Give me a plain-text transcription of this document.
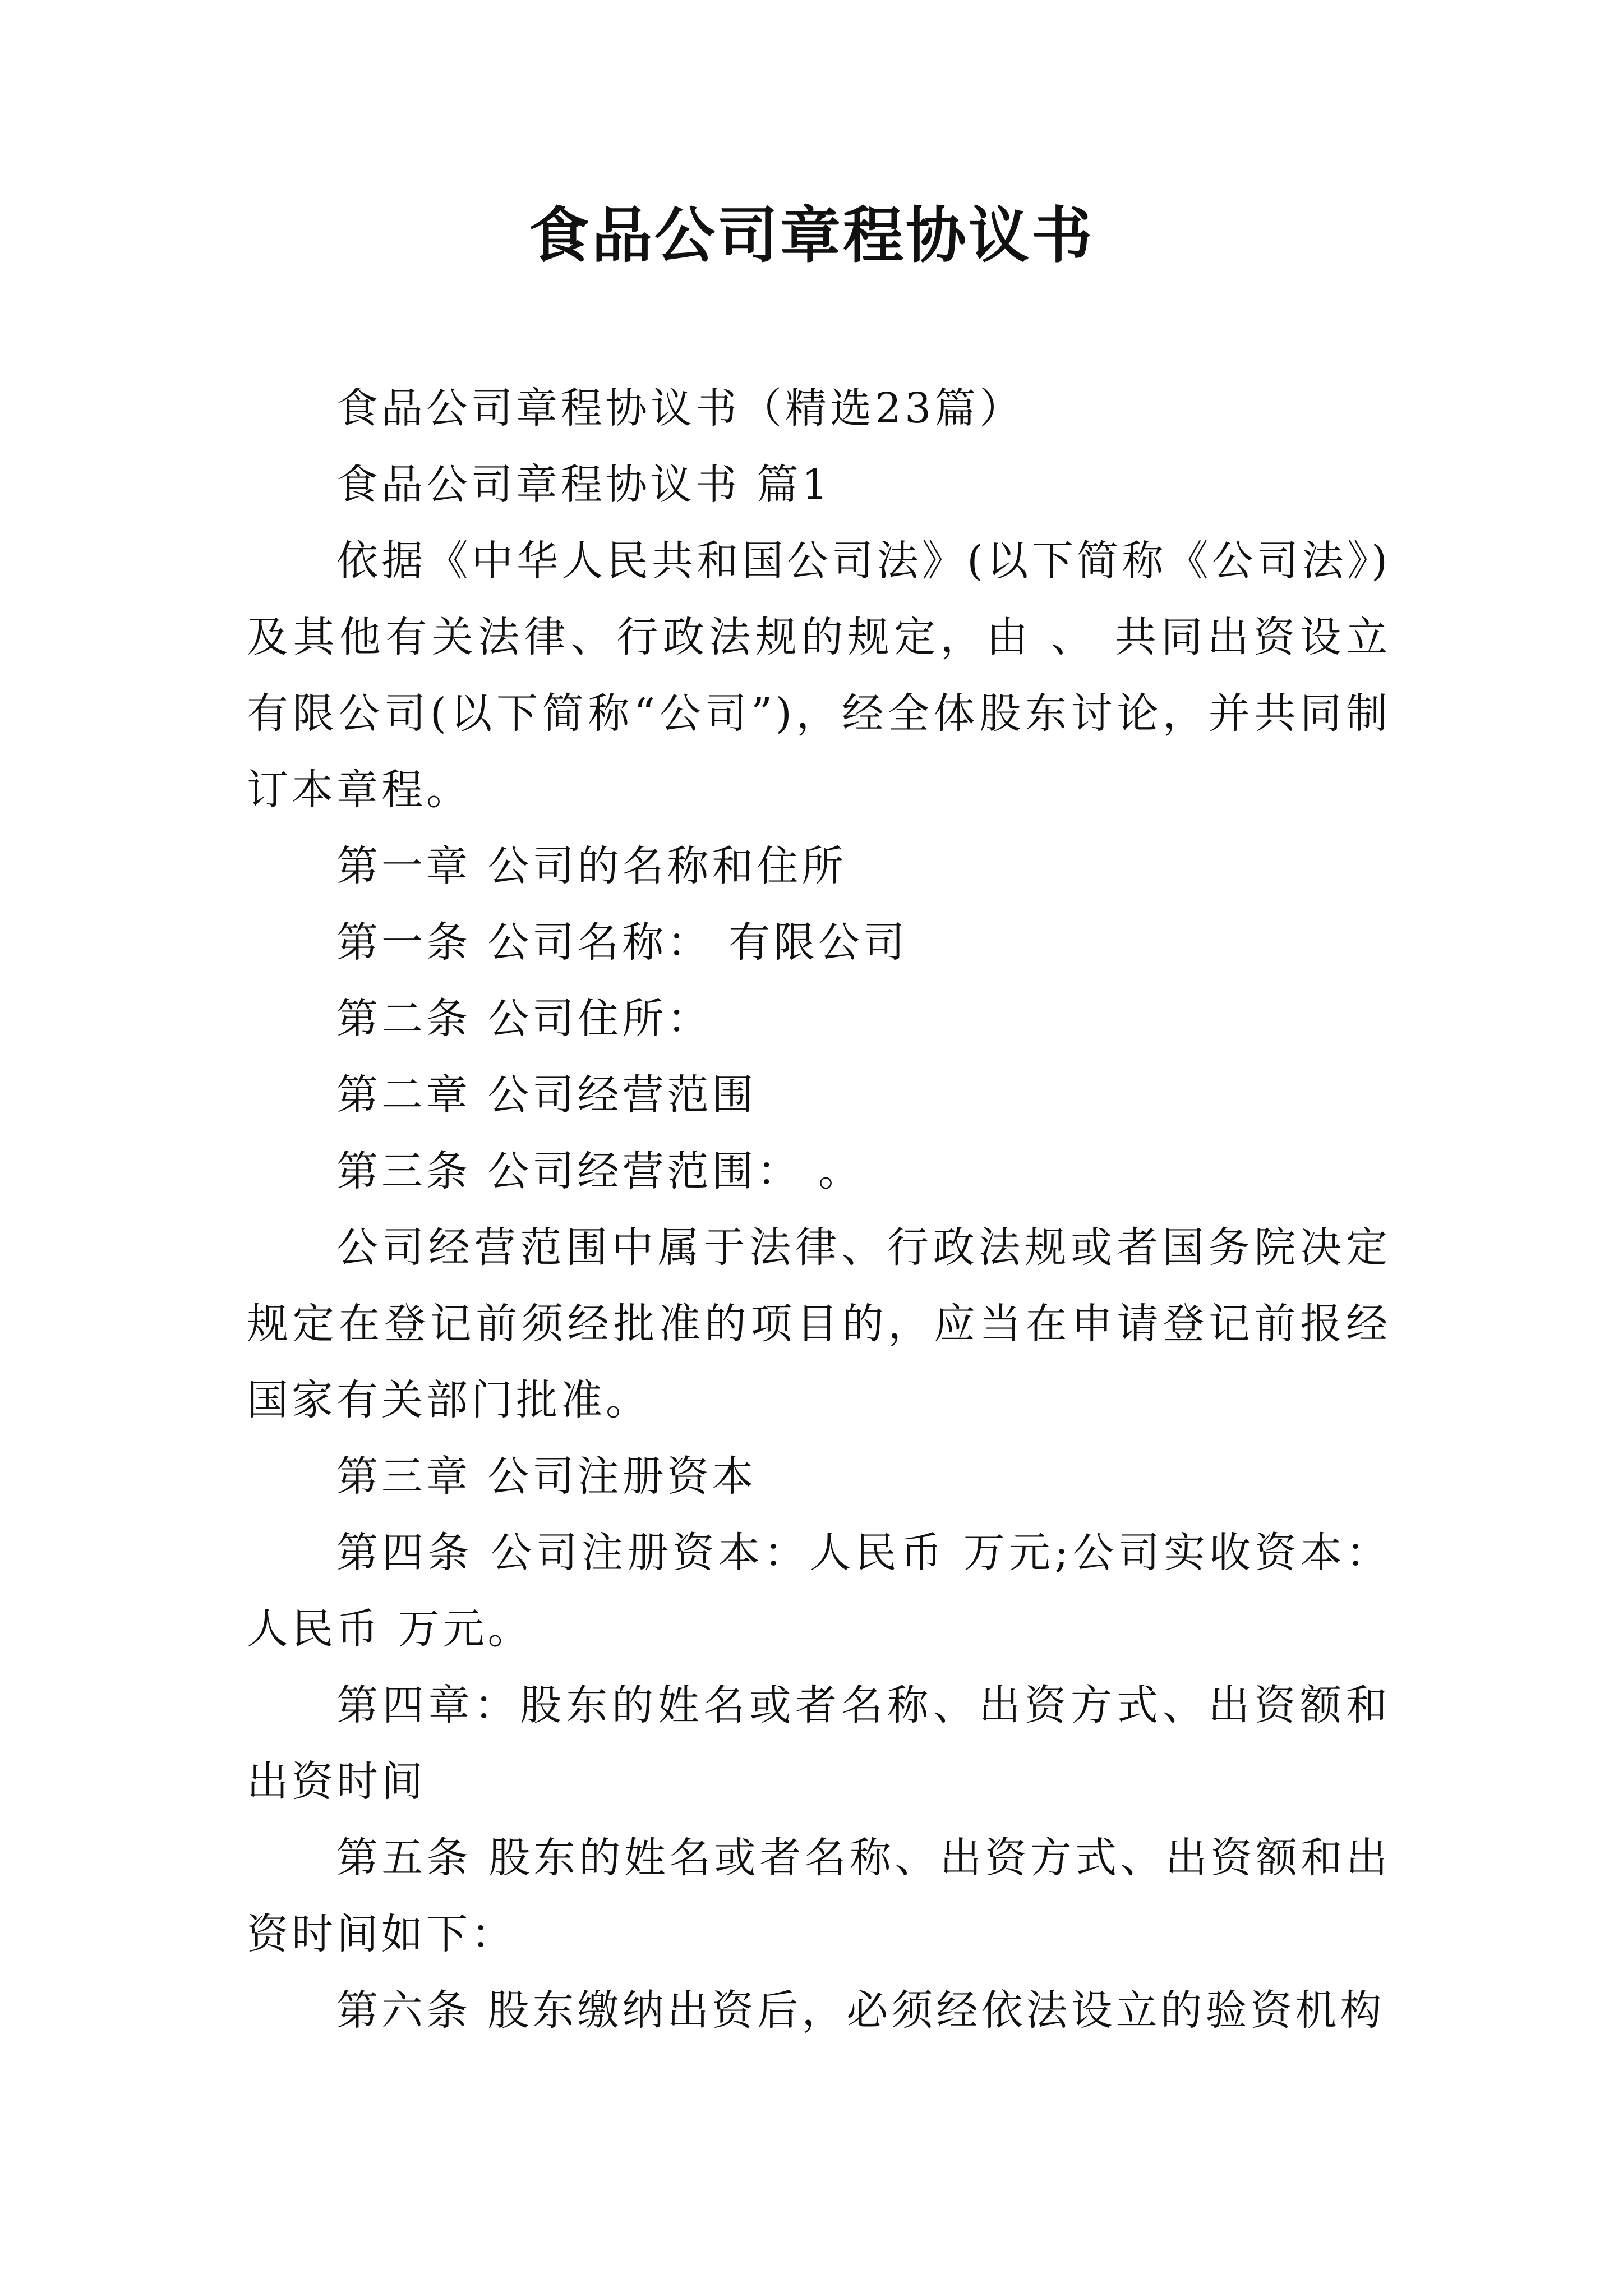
食品公司章程协议书

食品公司章程协议书（精选23篇）

食品公司章程协议书 篇1

依据《中华人民共和国公司法》(以下简称《公司法》)及其他有关法律、行政法规的规定，由 、 共同出资设立 有限公司(以下简称“公司”)，经全体股东讨论，并共同制订本章程。

第一章 公司的名称和住所

第一条 公司名称： 有限公司

第二条 公司住所：

第二章 公司经营范围

第三条 公司经营范围： 。

公司经营范围中属于法律、行政法规或者国务院决定规定在登记前须经批准的项目的，应当在申请登记前报经国家有关部门批准。

第三章 公司注册资本

第四条 公司注册资本：人民币 万元;公司实收资本：人民币 万元。

第四章：股东的姓名或者名称、出资方式、出资额和出资时间

第五条 股东的姓名或者名称、出资方式、出资额和出资时间如下：

第六条 股东缴纳出资后，必须经依法设立的验资机构
